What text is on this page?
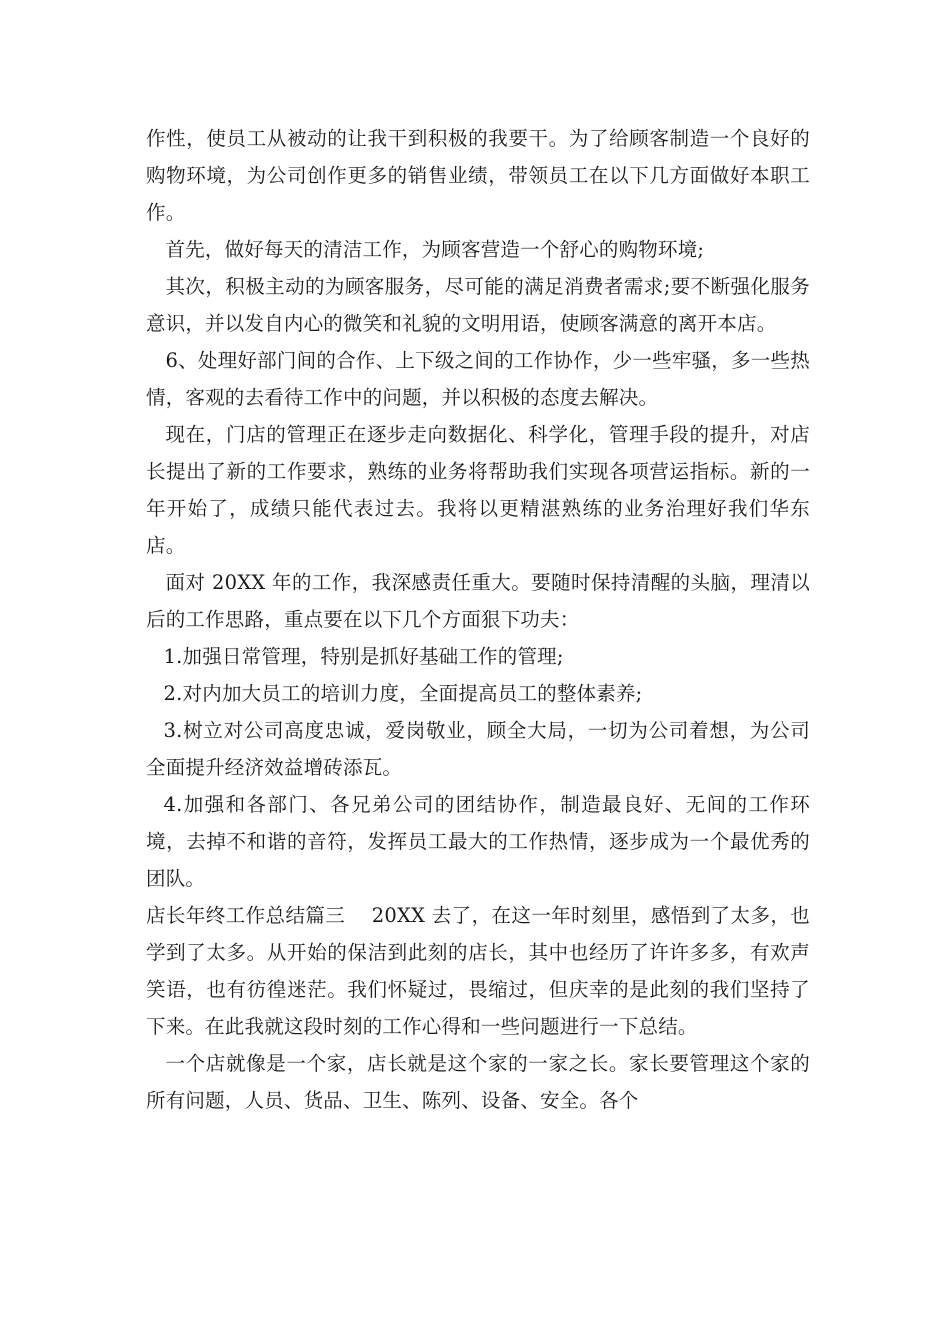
作性，使员工从被动的让我干到积极的我要干。为了给顾客制造一个良好的购物环境，为公司创作更多的销售业绩，带领员工在以下几方面做好本职工作。

首先，做好每天的清洁工作，为顾客营造一个舒心的购物环境;

其次，积极主动的为顾客服务，尽可能的满足消费者需求;要不断强化服务意识，并以发自内心的微笑和礼貌的文明用语，使顾客满意的离开本店。

6、处理好部门间的合作、上下级之间的工作协作，少一些牢骚，多一些热情，客观的去看待工作中的问题，并以积极的态度去解决。

现在，门店的管理正在逐步走向数据化、科学化，管理手段的提升，对店长提出了新的工作要求，熟练的业务将帮助我们实现各项营运指标。新的一年开始了，成绩只能代表过去。我将以更精湛熟练的业务治理好我们华东店。

面对 20XX 年的工作，我深感责任重大。要随时保持清醒的头脑，理清以后的工作思路，重点要在以下几个方面狠下功夫：

1.加强日常管理，特别是抓好基础工作的管理;

2.对内加大员工的培训力度，全面提高员工的整体素养;

3.树立对公司高度忠诚，爱岗敬业，顾全大局，一切为公司着想，为公司全面提升经济效益增砖添瓦。

4.加强和各部门、各兄弟公司的团结协作，制造最良好、无间的工作环境，去掉不和谐的音符，发挥员工最大的工作热情，逐步成为一个最优秀的团队。

店长年终工作总结篇三　 20XX 去了，在这一年时刻里，感悟到了太多，也学到了太多。从开始的保洁到此刻的店长，其中也经历了许许多多，有欢声笑语，也有彷徨迷茫。我们怀疑过，畏缩过，但庆幸的是此刻的我们坚持了下来。在此我就这段时刻的工作心得和一些问题进行一下总结。

一个店就像是一个家，店长就是这个家的一家之长。家长要管理这个家的所有问题，人员、货品、卫生、陈列、设备、安全。各个
